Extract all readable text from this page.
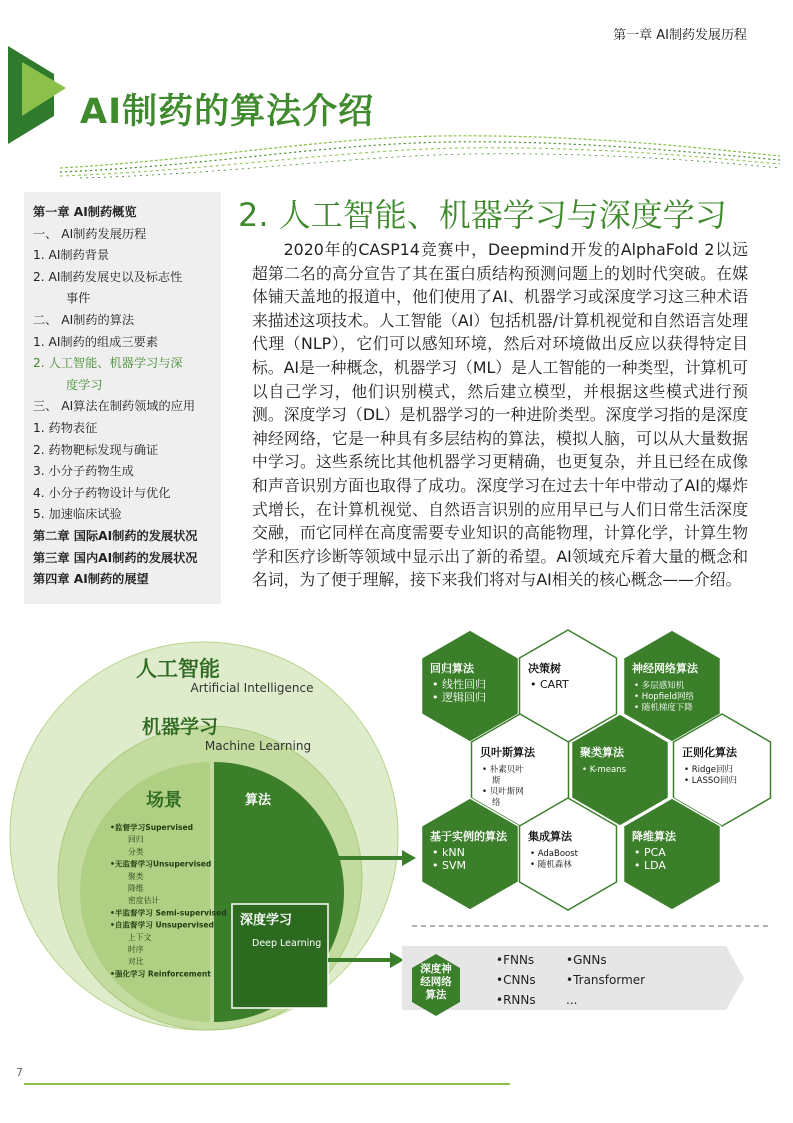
第一章 AI制药发展历程
AI制药的算法介绍
第一章 AI制药概览
一、 AI制药发展历程
1. AI制药背景
2. AI制药发展史以及标志性
事件
二、 AI制药的算法
1. AI制药的组成三要素
2. 人工智能、机器学习与深
度学习
三、 AI算法在制药领域的应用
1. 药物表征
2. 药物靶标发现与确证
3. 小分子药物生成
4. 小分子药物设计与优化
5. 加速临床试验
第二章 国际AI制药的发展状况
第三章 国内AI制药的发展状况
第四章 AI制药的展望
2. 人工智能、机器学习与深度学习
2020年的CASP14竞赛中，Deepmind开发的AlphaFold 2以远超第二名的高分宣告了其在蛋白质结构预测问题上的划时代突破。在媒体铺天盖地的报道中，他们使用了AI、机器学习或深度学习这三种术语来描述这项技术。人工智能（AI）包括机器/计算机视觉和自然语言处理代理（NLP），它们可以感知环境，然后对环境做出反应以获得特定目标。AI是一种概念，机器学习（ML）是人工智能的一种类型，计算机可以自己学习，他们识别模式，然后建立模型，并根据这些模式进行预测。深度学习（DL）是机器学习的一种进阶类型。深度学习指的是深度神经网络，它是一种具有多层结构的算法，模拟人脑，可以从大量数据中学习。这些系统比其他机器学习更精确，也更复杂，并且已经在成像和声音识别方面也取得了成功。深度学习在过去十年中带动了AI的爆炸式增长，在计算机视觉、自然语言识别的应用早已与人们日常生活深度交融，而它同样在高度需要专业知识的高能物理，计算化学，计算生物学和医疗诊断等领域中显示出了新的希望。AI领域充斥着大量的概念和名词，为了便于理解，接下来我们将对与AI相关的核心概念——介绍。
人工智能
Artificial Intelligence
机器学习
Machine Learning
场景	算法
•监督学习Supervised
回归
分类
•无监督学习Unsupervised
聚类
降维
密度估计
•半监督学习 Semi-supervised
•自监督学习 Unsupervised
上下文
时序
对比
•强化学习 Reinforcement
深度学习
Deep Learning
回归算法
• 线性回归
• 逻辑回归
决策树
• CART
神经网络算法
• 多层感知机
• Hopfield网络
• 随机梯度下降
贝叶斯算法
• 朴素贝叶
斯
• 贝叶斯网
络
聚类算法
• K-means
正则化算法
• Ridge回归
• LASSO回归
基于实例的算法
• kNN
• SVM
集成算法
• AdaBoost
• 随机森林
降维算法
• PCA
• LDA
深度神
经网络
算法
•FNNs	•GNNs
•CNNs	•Transformer
•RNNs	...
7
